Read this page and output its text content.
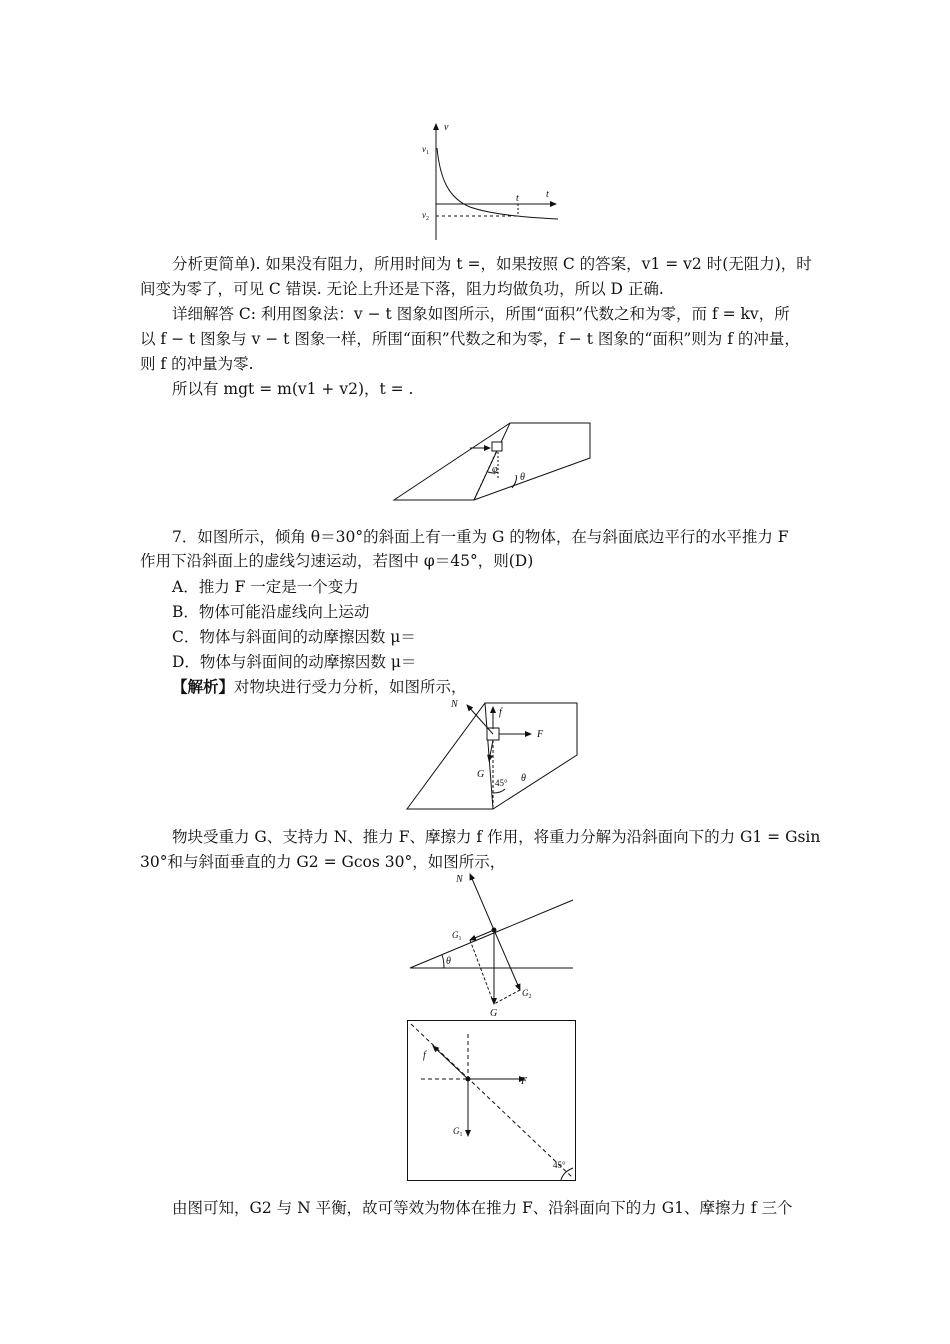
v
$v_1$
$v_2$
t
t
分析更简单). 如果没有阻力，所用时间为 t =，如果按照 C 的答案，v1 = v2 时(无阻力)，时
间变为零了，可见 C 错误. 无论上升还是下落，阻力均做负功，所以 D 正确.
详细解答 C: 利用图象法：v − t 图象如图所示，所围“面积”代数之和为零，而 f = kv，所
以 f − t 图象与 v − t 图象一样，所围“面积”代数之和为零，f − t 图象的“面积”则为 f 的冲量，
则 f 的冲量为零.
所以有 mgt = m(v1 + v2)，t = .
φ
θ
7．如图所示，倾角 θ＝30°的斜面上有一重为 G 的物体，在与斜面底边平行的水平推力 F
作用下沿斜面上的虚线匀速运动，若图中 φ＝45°，则(D)
A．推力 F 一定是一个变力
B．物体可能沿虚线向上运动
C．物体与斜面间的动摩擦因数 μ＝
D．物体与斜面间的动摩擦因数 μ＝
【解析】对物块进行受力分析，如图所示，
N
f
F
G
45° θ
物块受重力 G、支持力 N、推力 F、摩擦力 f 作用，将重力分解为沿斜面向下的力 G1 = Gsin
30°和与斜面垂直的力 G2 = Gcos 30°，如图所示，
N
$G_1$
θ
$G_2$
G
f
F
$G_1$
45°
由图可知，G2 与 N 平衡，故可等效为物体在推力 F、沿斜面向下的力 G1、摩擦力 f 三个
